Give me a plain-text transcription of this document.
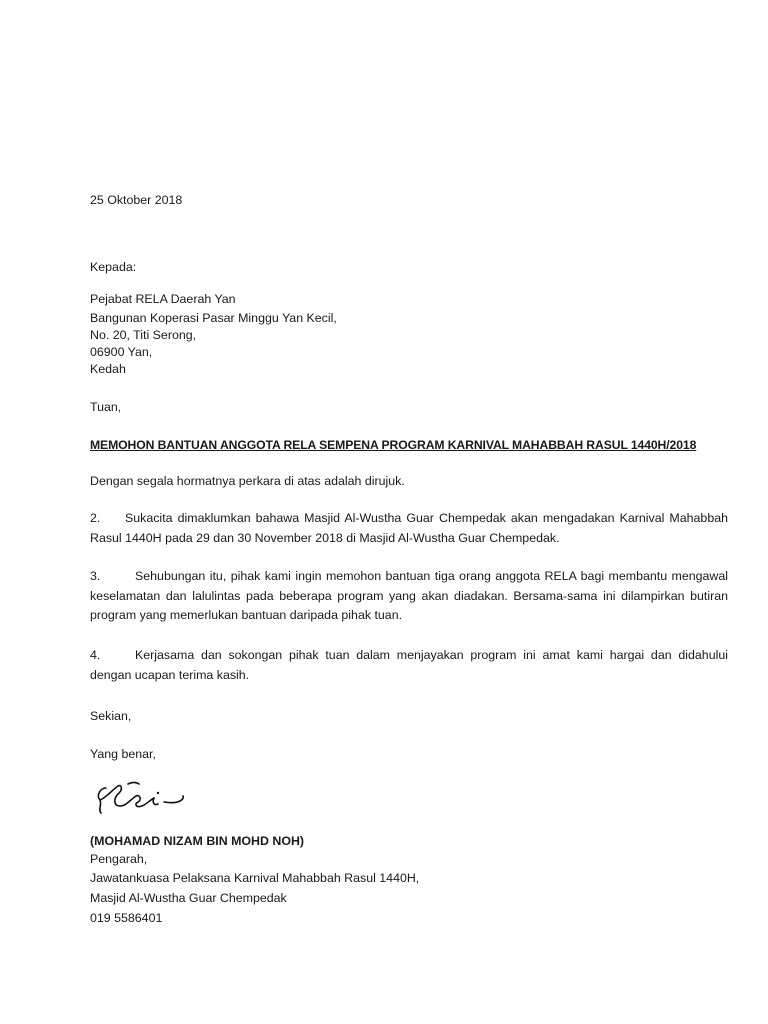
25 Oktober 2018
Kepada:
Pejabat RELA Daerah Yan
Bangunan Koperasi Pasar Minggu Yan Kecil,
No. 20, Titi Serong,
06900 Yan,
Kedah
Tuan,
MEMOHON BANTUAN ANGGOTA RELA SEMPENA PROGRAM KARNIVAL MAHABBAH RASUL 1440H/2018
Dengan segala hormatnya perkara di atas adalah dirujuk.
2. Sukacita dimaklumkan bahawa Masjid Al-Wustha Guar Chempedak akan mengadakan Karnival Mahabbah Rasul 1440H pada 29 dan 30 November 2018 di Masjid Al-Wustha Guar Chempedak.
3.	Sehubungan itu, pihak kami ingin memohon bantuan tiga orang anggota RELA bagi membantu mengawal keselamatan dan lalulintas pada beberapa program yang akan diadakan. Bersama-sama ini dilampirkan butiran program yang memerlukan bantuan daripada pihak tuan.
4.	Kerjasama dan sokongan pihak tuan dalam menjayakan program ini amat kami hargai dan didahului dengan ucapan terima kasih.
Sekian,
Yang benar,
(MOHAMAD NIZAM BIN MOHD NOH)
Pengarah,
Jawatankuasa Pelaksana Karnival Mahabbah Rasul 1440H,
Masjid Al-Wustha Guar Chempedak
019 5586401
